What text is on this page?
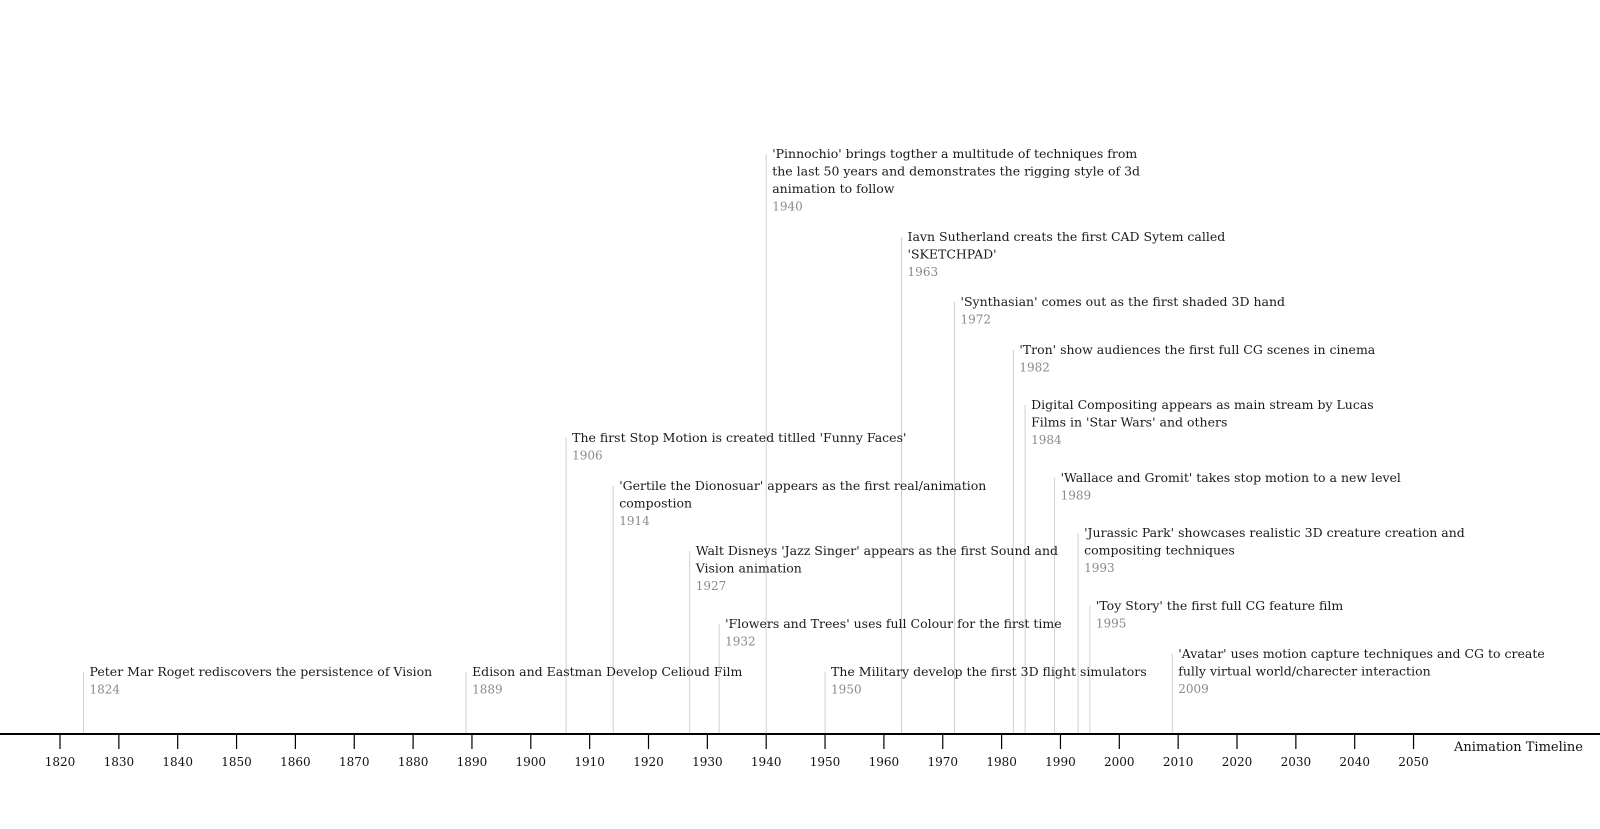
Peter Mar Roget rediscovers the persistence of Vision
1824
Edison and Eastman Develop Celioud Film
1889
The first Stop Motion is created titlled 'Funny Faces'
1906
'Gertile the Dionosuar' appears as the first real/animation
compostion
1914
Walt Disneys 'Jazz Singer' appears as the first Sound and
Vision animation
1927
'Flowers and Trees' uses full Colour for the first time
1932
'Pinnochio' brings togther a multitude of techniques from
the last 50 years and demonstrates the rigging style of 3d
animation to follow
1940
The Military develop the first 3D flight simulators
1950
Iavn Sutherland creats the first CAD Sytem called
'SKETCHPAD'
1963
'Synthasian' comes out as the first shaded 3D hand
1972
'Tron' show audiences the first full CG scenes in cinema
1982
Digital Compositing appears as main stream by Lucas
Films in 'Star Wars' and others
1984
'Wallace and Gromit' takes stop motion to a new level
1989
'Jurassic Park' showcases realistic 3D creature creation and
compositing techniques
1993
'Toy Story' the first full CG feature film
1995
'Avatar' uses motion capture techniques and CG to create
fully virtual world/charecter interaction
2009
1820 1830 1840 1850 1860 1870 1880 1890 1900 1910 1920 1930 1940 1950 1960 1970 1980 1990 2000 2010 2020 2030 2040 2050
Animation Timeline
